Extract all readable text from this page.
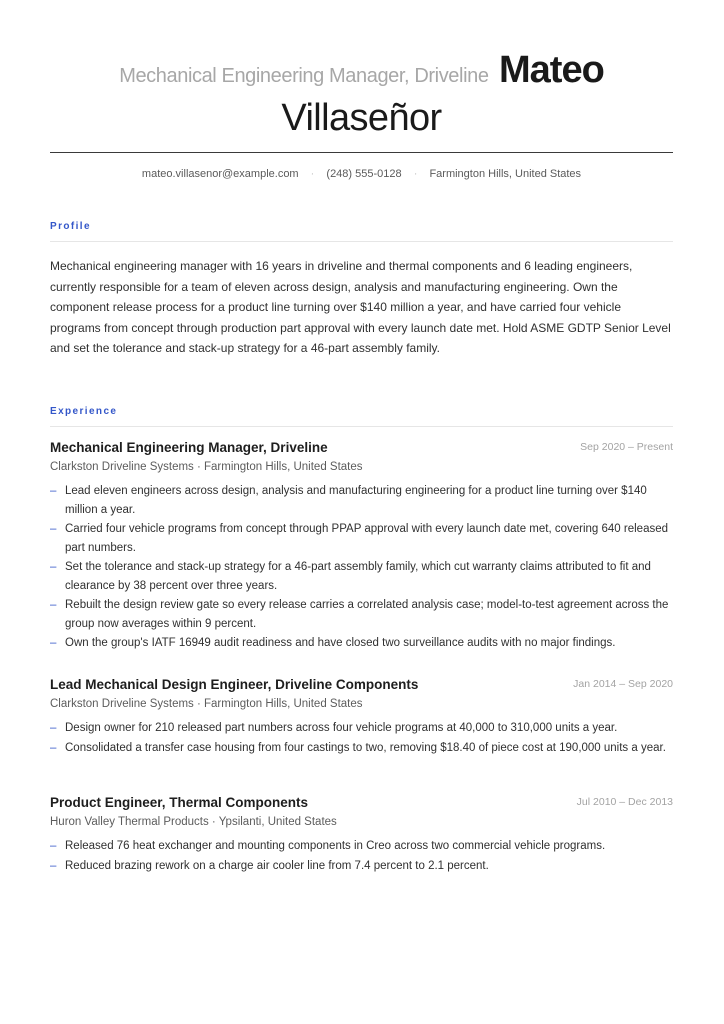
Mechanical Engineering Manager, Driveline Mateo
Villaseñor
mateo.villasenor@example.com · (248) 555-0128 · Farmington Hills, United States
Profile
Mechanical engineering manager with 16 years in driveline and thermal components and 6 leading engineers, currently responsible for a team of eleven across design, analysis and manufacturing engineering. Own the component release process for a product line turning over $140 million a year, and have carried four vehicle programs from concept through production part approval with every launch date met. Hold ASME GDTP Senior Level and set the tolerance and stack-up strategy for a 46-part assembly family.
Experience
Mechanical Engineering Manager, Driveline	Sep 2020 – Present
Clarkston Driveline Systems · Farmington Hills, United States
– Lead eleven engineers across design, analysis and manufacturing engineering for a product line turning over $140 million a year.
– Carried four vehicle programs from concept through PPAP approval with every launch date met, covering 640 released part numbers.
– Set the tolerance and stack-up strategy for a 46-part assembly family, which cut warranty claims attributed to fit and clearance by 38 percent over three years.
– Rebuilt the design review gate so every release carries a correlated analysis case; model-to-test agreement across the group now averages within 9 percent.
– Own the group's IATF 16949 audit readiness and have closed two surveillance audits with no major findings.
Lead Mechanical Design Engineer, Driveline Components	Jan 2014 – Sep 2020
Clarkston Driveline Systems · Farmington Hills, United States
– Design owner for 210 released part numbers across four vehicle programs at 40,000 to 310,000 units a year.
– Consolidated a transfer case housing from four castings to two, removing $18.40 of piece cost at 190,000 units a year.
Product Engineer, Thermal Components	Jul 2010 – Dec 2013
Huron Valley Thermal Products · Ypsilanti, United States
– Released 76 heat exchanger and mounting components in Creo across two commercial vehicle programs.
– Reduced brazing rework on a charge air cooler line from 7.4 percent to 2.1 percent.
